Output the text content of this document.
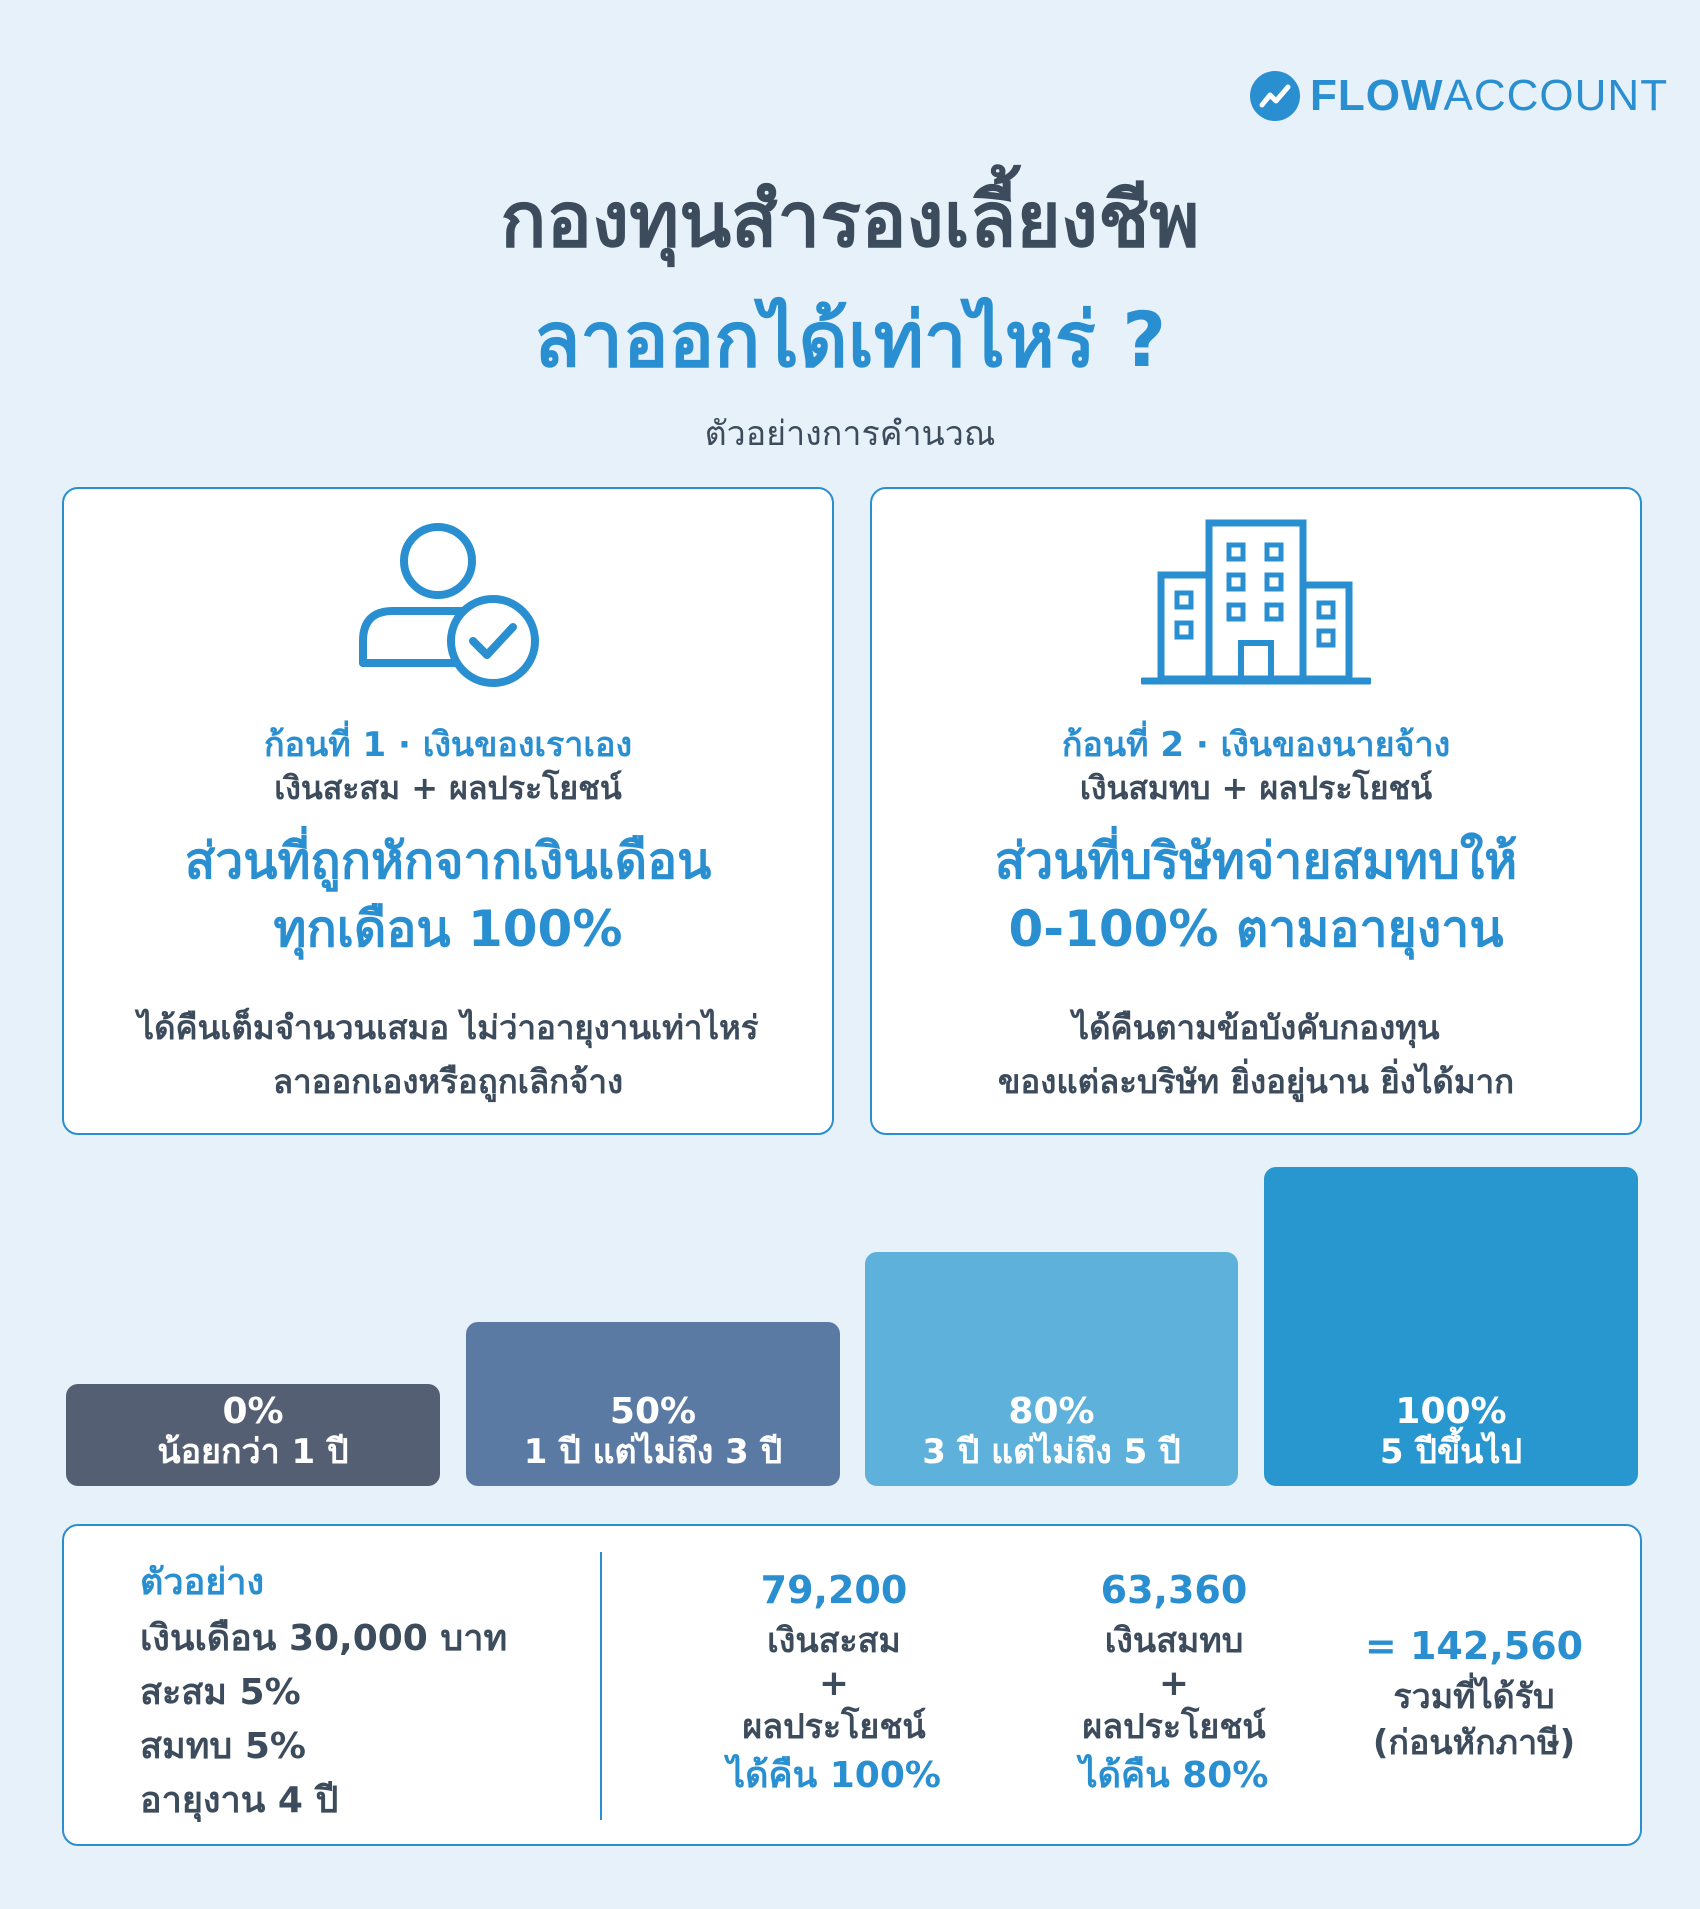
FLOWACCOUNT
กองทุนสำรองเลี้ยงชีพ
ลาออกได้เท่าไหร่ ?
ตัวอย่างการคำนวณ
ก้อนที่ 1 · เงินของเราเอง
เงินสะสม + ผลประโยชน์
ส่วนที่ถูกหักจากเงินเดือน
ทุกเดือน 100%
ได้คืนเต็มจำนวนเสมอ ไม่ว่าอายุงานเท่าไหร่
ลาออกเองหรือถูกเลิกจ้าง
ก้อนที่ 2 · เงินของนายจ้าง
เงินสมทบ + ผลประโยชน์
ส่วนที่บริษัทจ่ายสมทบให้
0-100% ตามอายุงาน
ได้คืนตามข้อบังคับกองทุน
ของแต่ละบริษัท ยิ่งอยู่นาน ยิ่งได้มาก
0%
น้อยกว่า 1 ปี
50%
1 ปี แต่ไม่ถึง 3 ปี
80%
3 ปี แต่ไม่ถึง 5 ปี
100%
5 ปีขึ้นไป
ตัวอย่าง
เงินเดือน 30,000 บาท
สะสม 5%
สมทบ 5%
อายุงาน 4 ปี
79,200
เงินสะสม
+
ผลประโยชน์
ได้คืน 100%
63,360
เงินสมทบ
+
ผลประโยชน์
ได้คืน 80%
= 142,560
รวมที่ได้รับ
(ก่อนหักภาษี)
